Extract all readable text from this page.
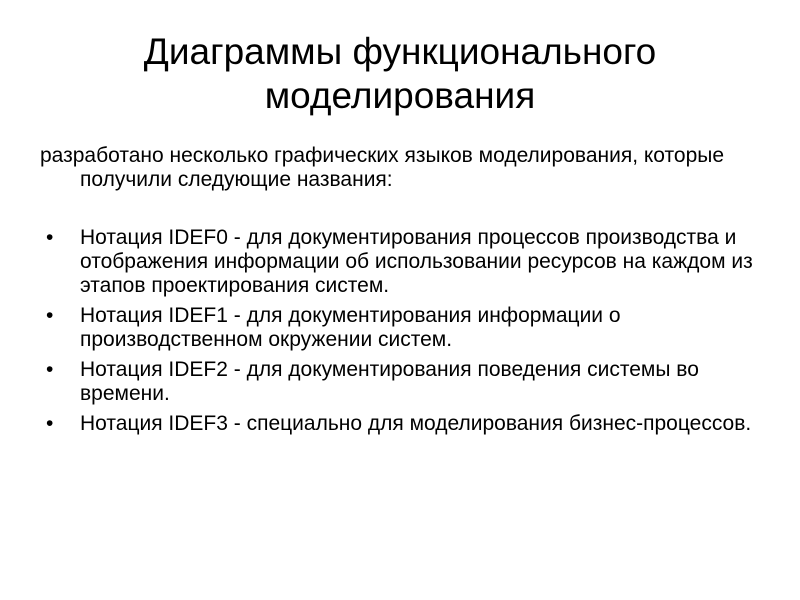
Диаграммы функционального моделирования

разработано несколько графических языков моделирования, которые получили следующие названия:

• Нотация IDEF0 - для документирования процессов производства и отображения информации об использовании ресурсов на каждом из этапов проектирования систем.
• Нотация IDEF1 - для документирования информации о производственном окружении систем.
• Нотация IDEF2 - для документирования поведения системы во времени.
• Нотация IDEF3 - специально для моделирования бизнес-процессов.
